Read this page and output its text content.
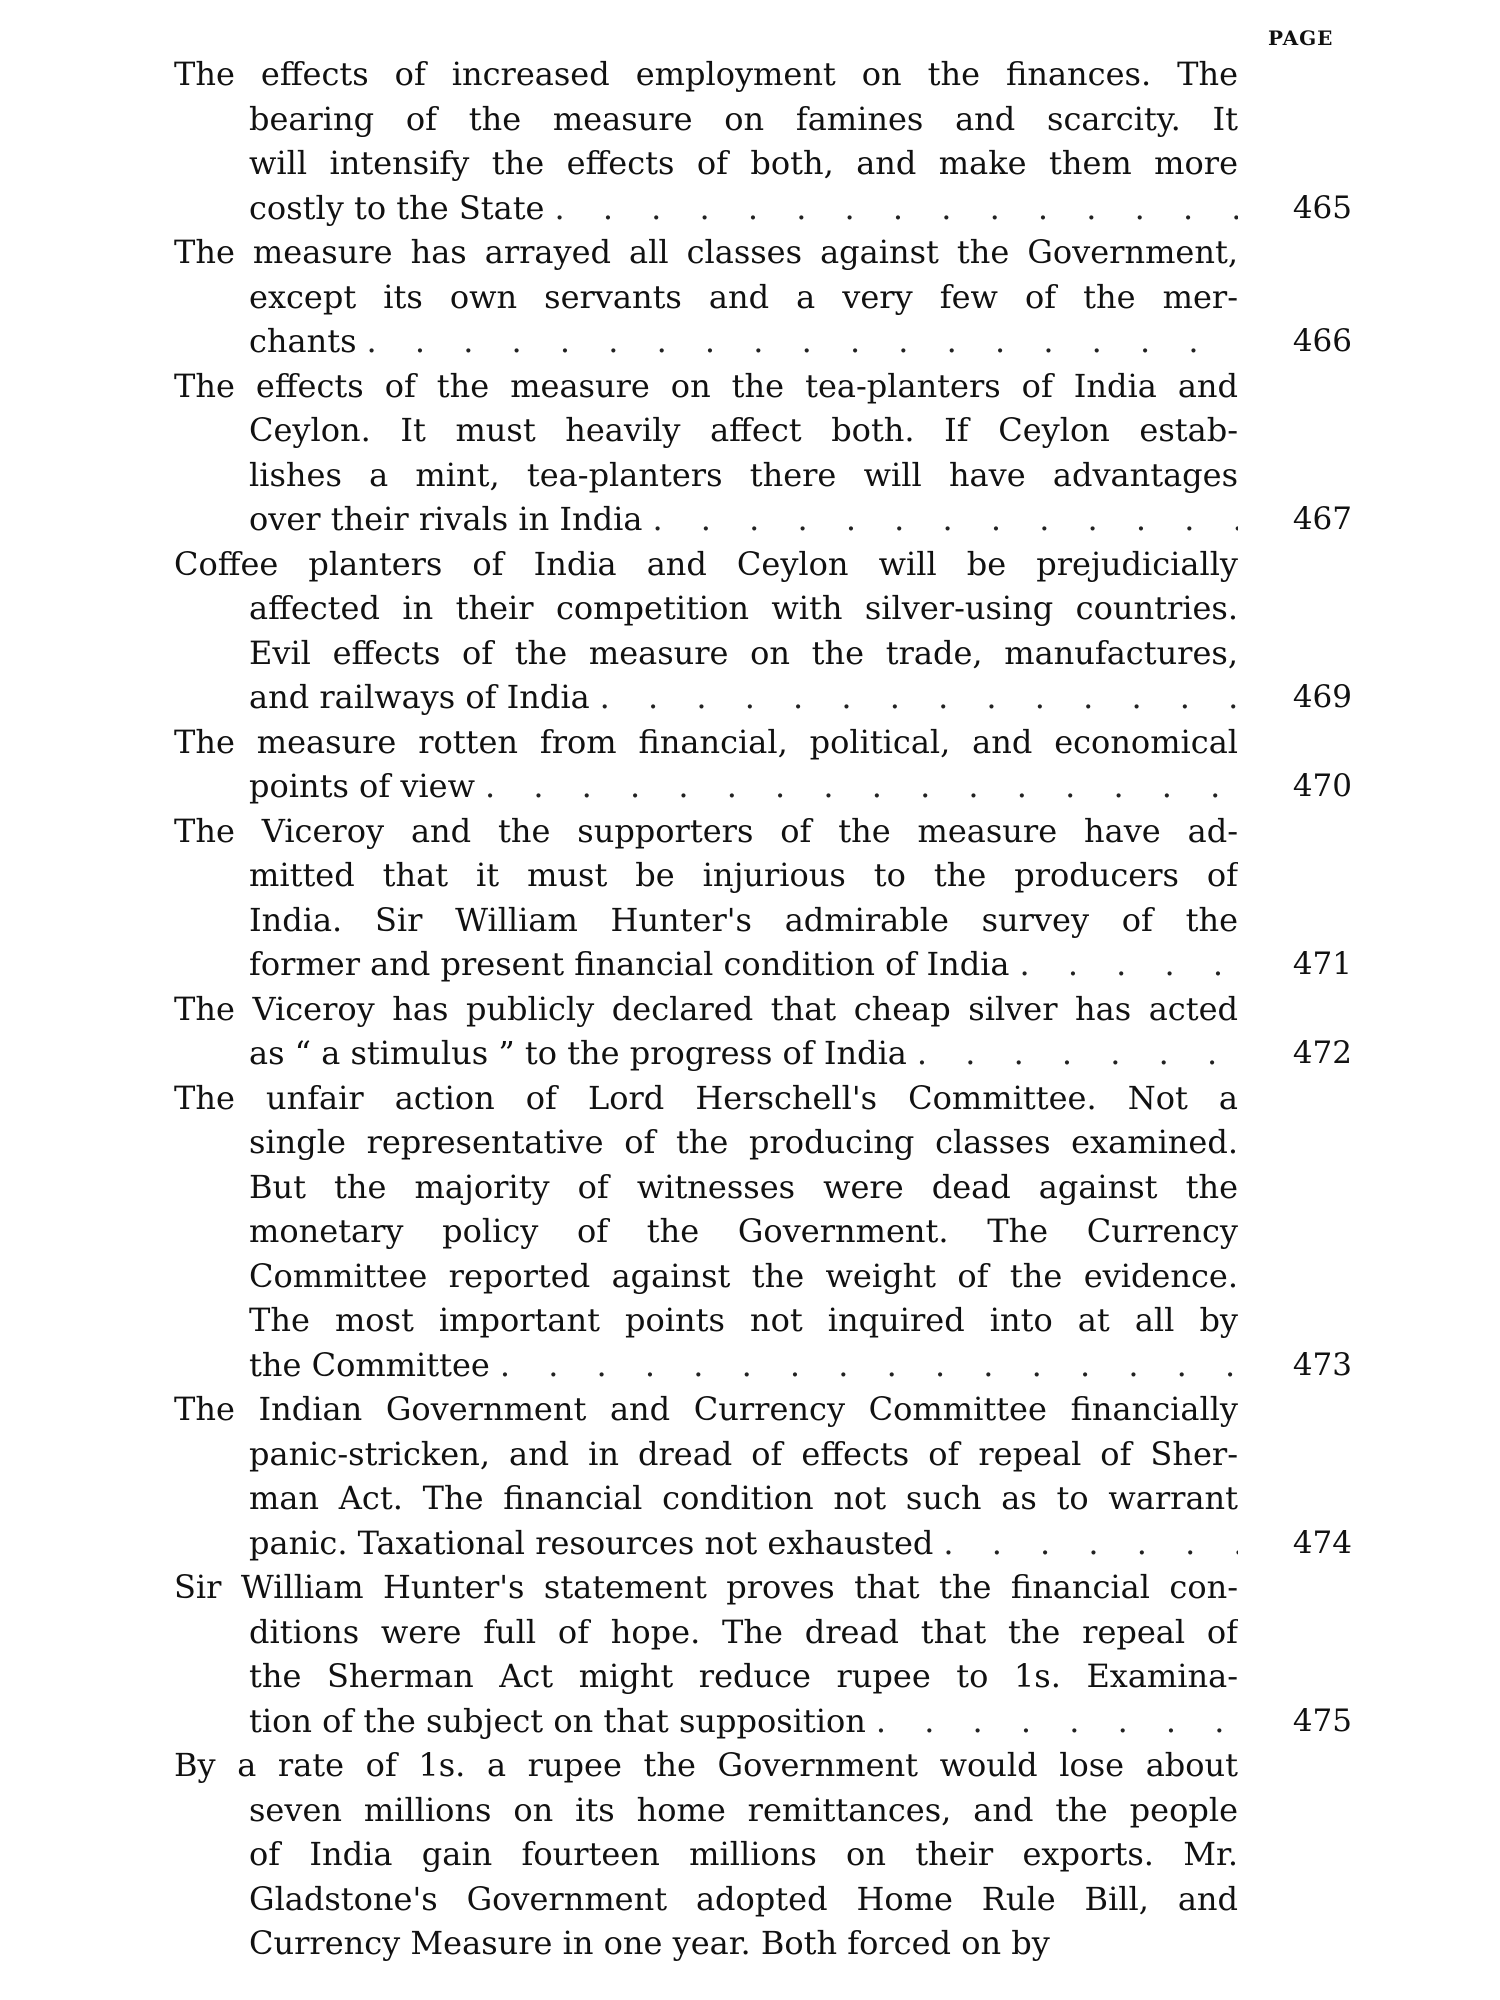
PAGE
The effects of increased employment on the finances. The
bearing of the measure on famines and scarcity. It
will intensify the effects of both, and make them more
costly to the State . . .	465
The measure has arrayed all classes against the Government,
except its own servants and a very few of the mer-
chants . . .	466
The effects of the measure on the tea-planters of India and
Ceylon. It must heavily affect both. If Ceylon estab-
lishes a mint, tea-planters there will have advantages
over their rivals in India . . .	467
Coffee planters of India and Ceylon will be prejudicially
affected in their competition with silver-using countries.
Evil effects of the measure on the trade, manufactures,
and railways of India . . .	469
The measure rotten from financial, political, and economical
points of view . . .	470
The Viceroy and the supporters of the measure have ad-
mitted that it must be injurious to the producers of
India. Sir William Hunter's admirable survey of the
former and present financial condition of India . . .	471
The Viceroy has publicly declared that cheap silver has acted
as “ a stimulus ” to the progress of India . . .	472
The unfair action of Lord Herschell's Committee. Not a
single representative of the producing classes examined.
But the majority of witnesses were dead against the
monetary policy of the Government. The Currency
Committee reported against the weight of the evidence.
The most important points not inquired into at all by
the Committee . . .	473
The Indian Government and Currency Committee financially
panic-stricken, and in dread of effects of repeal of Sher-
man Act. The financial condition not such as to warrant
panic. Taxational resources not exhausted . . .	474
Sir William Hunter's statement proves that the financial con-
ditions were full of hope. The dread that the repeal of
the Sherman Act might reduce rupee to 1s. Examina-
tion of the subject on that supposition . . .	475
By a rate of 1s. a rupee the Government would lose about
seven millions on its home remittances, and the people
of India gain fourteen millions on their exports. Mr.
Gladstone's Government adopted Home Rule Bill, and
Currency Measure in one year. Both forced on by
